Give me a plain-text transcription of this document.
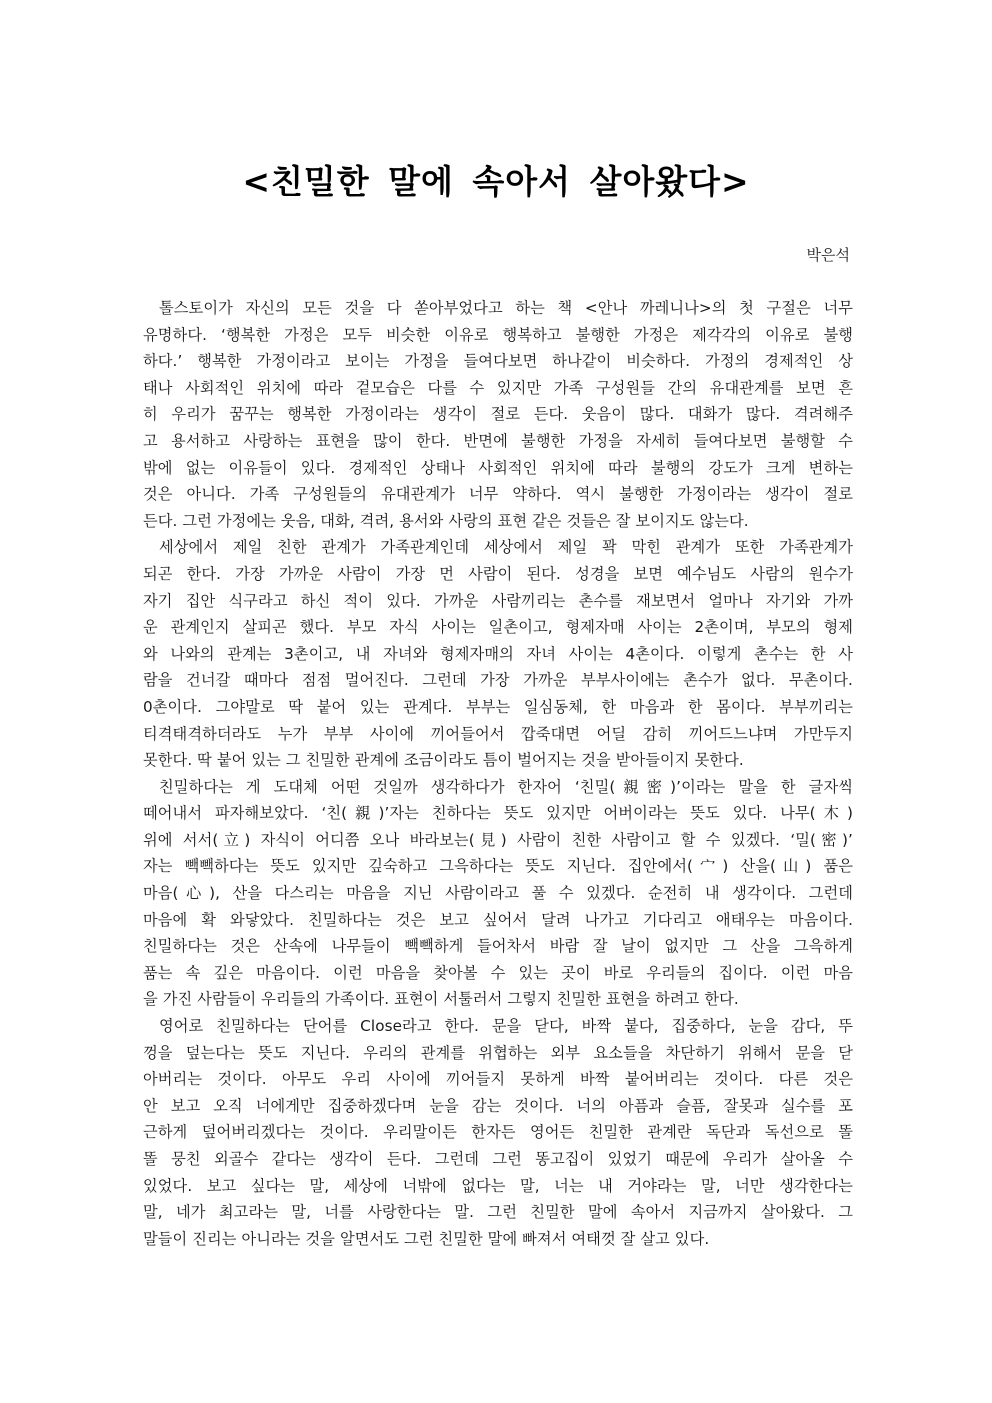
<친밀한 말에 속아서 살아왔다>
박은석
톨스토이가 자신의 모든 것을 다 쏟아부었다고 하는 책 <안나 까레니나>의 첫 구절은 너무
유명하다. ‘행복한 가정은 모두 비슷한 이유로 행복하고 불행한 가정은 제각각의 이유로 불행
하다.’ 행복한 가정이라고 보이는 가정을 들여다보면 하나같이 비슷하다. 가정의 경제적인 상
태나 사회적인 위치에 따라 겉모습은 다를 수 있지만 가족 구성원들 간의 유대관계를 보면 흔
히 우리가 꿈꾸는 행복한 가정이라는 생각이 절로 든다. 웃음이 많다. 대화가 많다. 격려해주
고 용서하고 사랑하는 표현을 많이 한다. 반면에 불행한 가정을 자세히 들여다보면 불행할 수
밖에 없는 이유들이 있다. 경제적인 상태나 사회적인 위치에 따라 불행의 강도가 크게 변하는
것은 아니다. 가족 구성원들의 유대관계가 너무 약하다. 역시 불행한 가정이라는 생각이 절로
든다. 그런 가정에는 웃음, 대화, 격려, 용서와 사랑의 표현 같은 것들은 잘 보이지도 않는다.
세상에서 제일 친한 관계가 가족관계인데 세상에서 제일 꽉 막힌 관계가 또한 가족관계가
되곤 한다. 가장 가까운 사람이 가장 먼 사람이 된다. 성경을 보면 예수님도 사람의 원수가
자기 집안 식구라고 하신 적이 있다. 가까운 사람끼리는 촌수를 재보면서 얼마나 자기와 가까
운 관계인지 살피곤 했다. 부모 자식 사이는 일촌이고, 형제자매 사이는 2촌이며, 부모의 형제
와 나와의 관계는 3촌이고, 내 자녀와 형제자매의 자녀 사이는 4촌이다. 이렇게 촌수는 한 사
람을 건너갈 때마다 점점 멀어진다. 그런데 가장 가까운 부부사이에는 촌수가 없다. 무촌이다.
0촌이다. 그야말로 딱 붙어 있는 관계다. 부부는 일심동체, 한 마음과 한 몸이다. 부부끼리는
티격태격하더라도 누가 부부 사이에 끼어들어서 깝죽대면 어딜 감히 끼어드느냐며 가만두지
못한다. 딱 붙어 있는 그 친밀한 관계에 조금이라도 틈이 벌어지는 것을 받아들이지 못한다.
친밀하다는 게 도대체 어떤 것일까 생각하다가 한자어 ‘친밀(親密)’이라는 말을 한 글자씩
떼어내서 파자해보았다. ‘친(親)’자는 친하다는 뜻도 있지만 어버이라는 뜻도 있다. 나무(木)
위에 서서(立) 자식이 어디쯤 오나 바라보는(見) 사람이 친한 사람이고 할 수 있겠다. ‘밀(密)’
자는 빽빽하다는 뜻도 있지만 깊숙하고 그윽하다는 뜻도 지닌다. 집안에서(宀) 산을(山) 품은
마음(心), 산을 다스리는 마음을 지닌 사람이라고 풀 수 있겠다. 순전히 내 생각이다. 그런데
마음에 확 와닿았다. 친밀하다는 것은 보고 싶어서 달려 나가고 기다리고 애태우는 마음이다.
친밀하다는 것은 산속에 나무들이 빽빽하게 들어차서 바람 잘 날이 없지만 그 산을 그윽하게
품는 속 깊은 마음이다. 이런 마음을 찾아볼 수 있는 곳이 바로 우리들의 집이다. 이런 마음
을 가진 사람들이 우리들의 가족이다. 표현이 서툴러서 그렇지 친밀한 표현을 하려고 한다.
영어로 친밀하다는 단어를 Close라고 한다. 문을 닫다, 바짝 붙다, 집중하다, 눈을 감다, 뚜
껑을 덮는다는 뜻도 지닌다. 우리의 관계를 위협하는 외부 요소들을 차단하기 위해서 문을 닫
아버리는 것이다. 아무도 우리 사이에 끼어들지 못하게 바짝 붙어버리는 것이다. 다른 것은
안 보고 오직 너에게만 집중하겠다며 눈을 감는 것이다. 너의 아픔과 슬픔, 잘못과 실수를 포
근하게 덮어버리겠다는 것이다. 우리말이든 한자든 영어든 친밀한 관계란 독단과 독선으로 똘
똘 뭉친 외골수 같다는 생각이 든다. 그런데 그런 똥고집이 있었기 때문에 우리가 살아올 수
있었다. 보고 싶다는 말, 세상에 너밖에 없다는 말, 너는 내 거야라는 말, 너만 생각한다는
말, 네가 최고라는 말, 너를 사랑한다는 말. 그런 친밀한 말에 속아서 지금까지 살아왔다. 그
말들이 진리는 아니라는 것을 알면서도 그런 친밀한 말에 빠져서 여태껏 잘 살고 있다.
